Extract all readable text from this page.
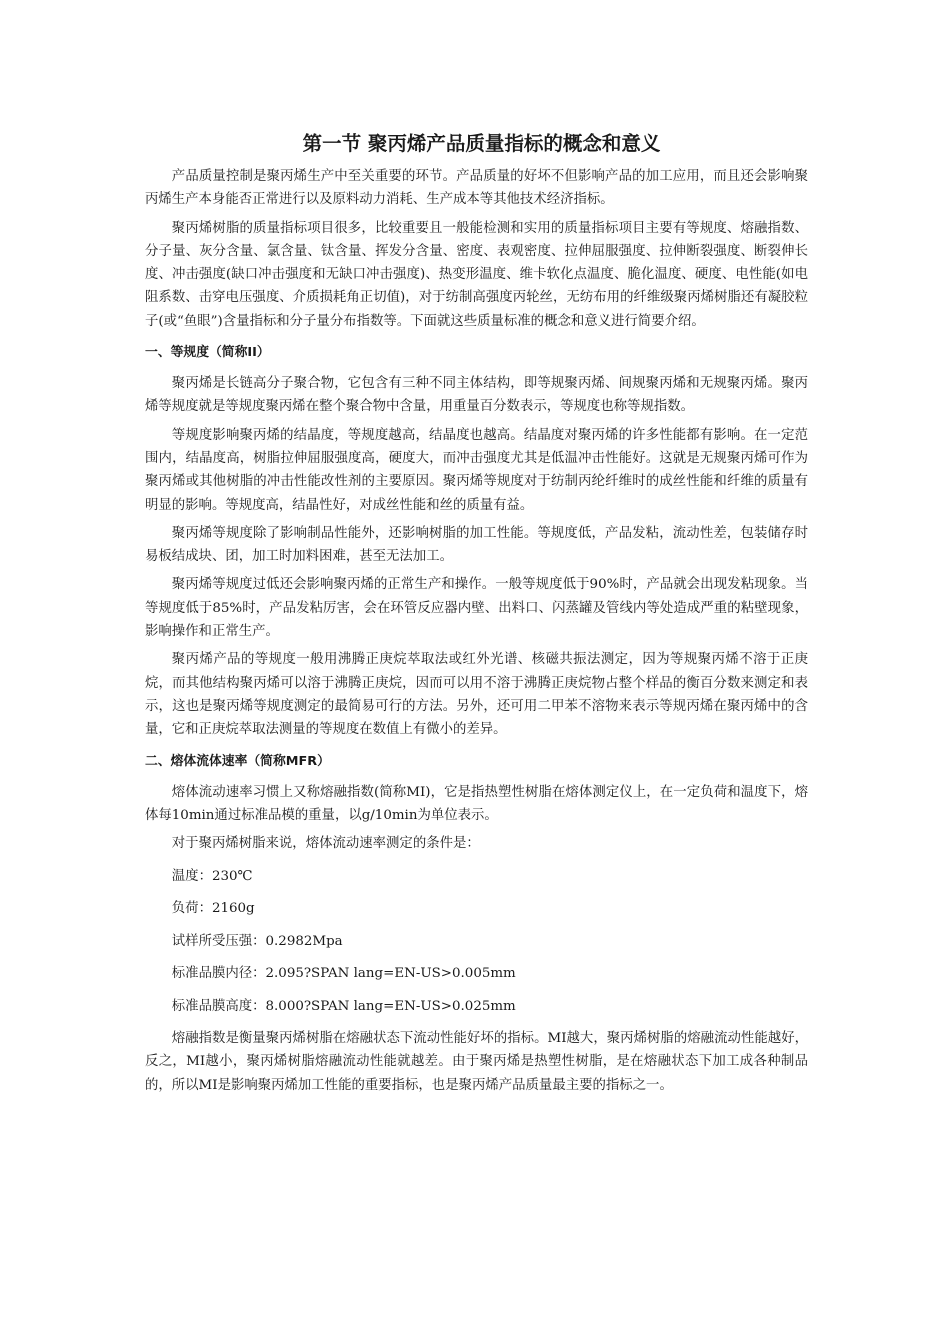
第一节 聚丙烯产品质量指标的概念和意义

产品质量控制是聚丙烯生产中至关重要的环节。产品质量的好坏不但影响产品的加工应用，而且还会影响聚丙烯生产本身能否正常进行以及原料动力消耗、生产成本等其他技术经济指标。

聚丙烯树脂的质量指标项目很多，比较重要且一般能检测和实用的质量指标项目主要有等规度、熔融指数、分子量、灰分含量、氯含量、钛含量、挥发分含量、密度、表观密度、拉伸屈服强度、拉伸断裂强度、断裂伸长度、冲击强度(缺口冲击强度和无缺口冲击强度)、热变形温度、维卡软化点温度、脆化温度、硬度、电性能(如电阻系数、击穿电压强度、介质损耗角正切值)，对于纺制高强度丙轮丝，无纺布用的纤维级聚丙烯树脂还有凝胶粒子(或“鱼眼”)含量指标和分子量分布指数等。下面就这些质量标准的概念和意义进行简要介绍。

一、等规度（简称II）

聚丙烯是长链高分子聚合物，它包含有三种不同主体结构，即等规聚丙烯、间规聚丙烯和无规聚丙烯。聚丙烯等规度就是等规度聚丙烯在整个聚合物中含量，用重量百分数表示，等规度也称等规指数。

等规度影响聚丙烯的结晶度，等规度越高，结晶度也越高。结晶度对聚丙烯的许多性能都有影响。在一定范围内，结晶度高，树脂拉伸屈服强度高，硬度大，而冲击强度尤其是低温冲击性能好。这就是无规聚丙烯可作为聚丙烯或其他树脂的冲击性能改性剂的主要原因。聚丙烯等规度对于纺制丙纶纤维时的成丝性能和纤维的质量有明显的影响。等规度高，结晶性好，对成丝性能和丝的质量有益。

聚丙烯等规度除了影响制品性能外，还影响树脂的加工性能。等规度低，产品发粘，流动性差，包装储存时易板结成块、团，加工时加料困难，甚至无法加工。

聚丙烯等规度过低还会影响聚丙烯的正常生产和操作。一般等规度低于90%时，产品就会出现发粘现象。当等规度低于85%时，产品发粘厉害，会在环管反应器内壁、出料口、闪蒸罐及管线内等处造成严重的粘壁现象，影响操作和正常生产。

聚丙烯产品的等规度一般用沸腾正庚烷萃取法或红外光谱、核磁共振法测定，因为等规聚丙烯不溶于正庚烷，而其他结构聚丙烯可以溶于沸腾正庚烷，因而可以用不溶于沸腾正庚烷物占整个样品的衡百分数来测定和表示，这也是聚丙烯等规度测定的最简易可行的方法。另外，还可用二甲苯不溶物来表示等规丙烯在聚丙烯中的含量，它和正庚烷萃取法测量的等规度在数值上有微小的差异。

二、熔体流体速率（简称MFR）

熔体流动速率习惯上又称熔融指数(简称MI)，它是指热塑性树脂在熔体测定仪上，在一定负荷和温度下，熔体每10min通过标准品模的重量，以g/10min为单位表示。

对于聚丙烯树脂来说，熔体流动速率测定的条件是：

温度：230℃

负荷：2160g

试样所受压强：0.2982Mpa

标准品膜内径：2.095?SPAN lang=EN-US>0.005mm

标准品膜高度：8.000?SPAN lang=EN-US>0.025mm

熔融指数是衡量聚丙烯树脂在熔融状态下流动性能好坏的指标。MI越大，聚丙烯树脂的熔融流动性能越好，反之，MI越小，聚丙烯树脂熔融流动性能就越差。由于聚丙烯是热塑性树脂，是在熔融状态下加工成各种制品的，所以MI是影响聚丙烯加工性能的重要指标，也是聚丙烯产品质量最主要的指标之一。
